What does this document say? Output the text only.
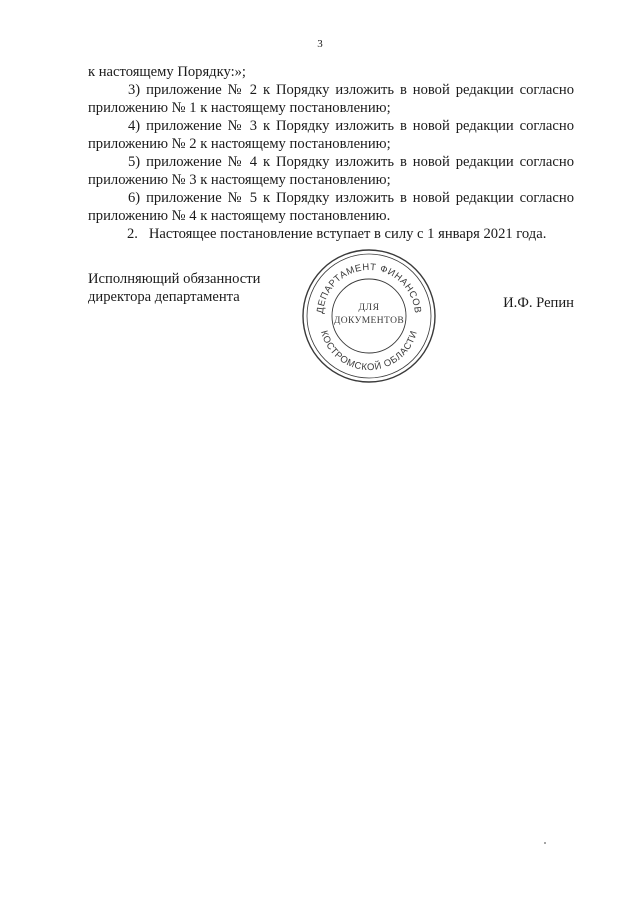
3
к настоящему Порядку:»;
3) приложение № 2 к Порядку изложить в новой редакции согласно
приложению № 1 к настоящему постановлению;
4) приложение № 3 к Порядку изложить в новой редакции согласно
приложению № 2 к настоящему постановлению;
5) приложение № 4 к Порядку изложить в новой редакции согласно
приложению № 3 к настоящему постановлению;
6) приложение № 5 к Порядку изложить в новой редакции согласно
приложению № 4 к настоящему постановлению.
2.   Настоящее постановление вступает в силу с 1 января 2021 года.
Исполняющий обязанности
директора департамента	И.Ф. Репин
ДЕПАРТАМЕНТ ФИНАНСОВ
КОСТРОМСКОЙ ОБЛАСТИ
ДЛЯ
ДОКУМЕНТОВ
